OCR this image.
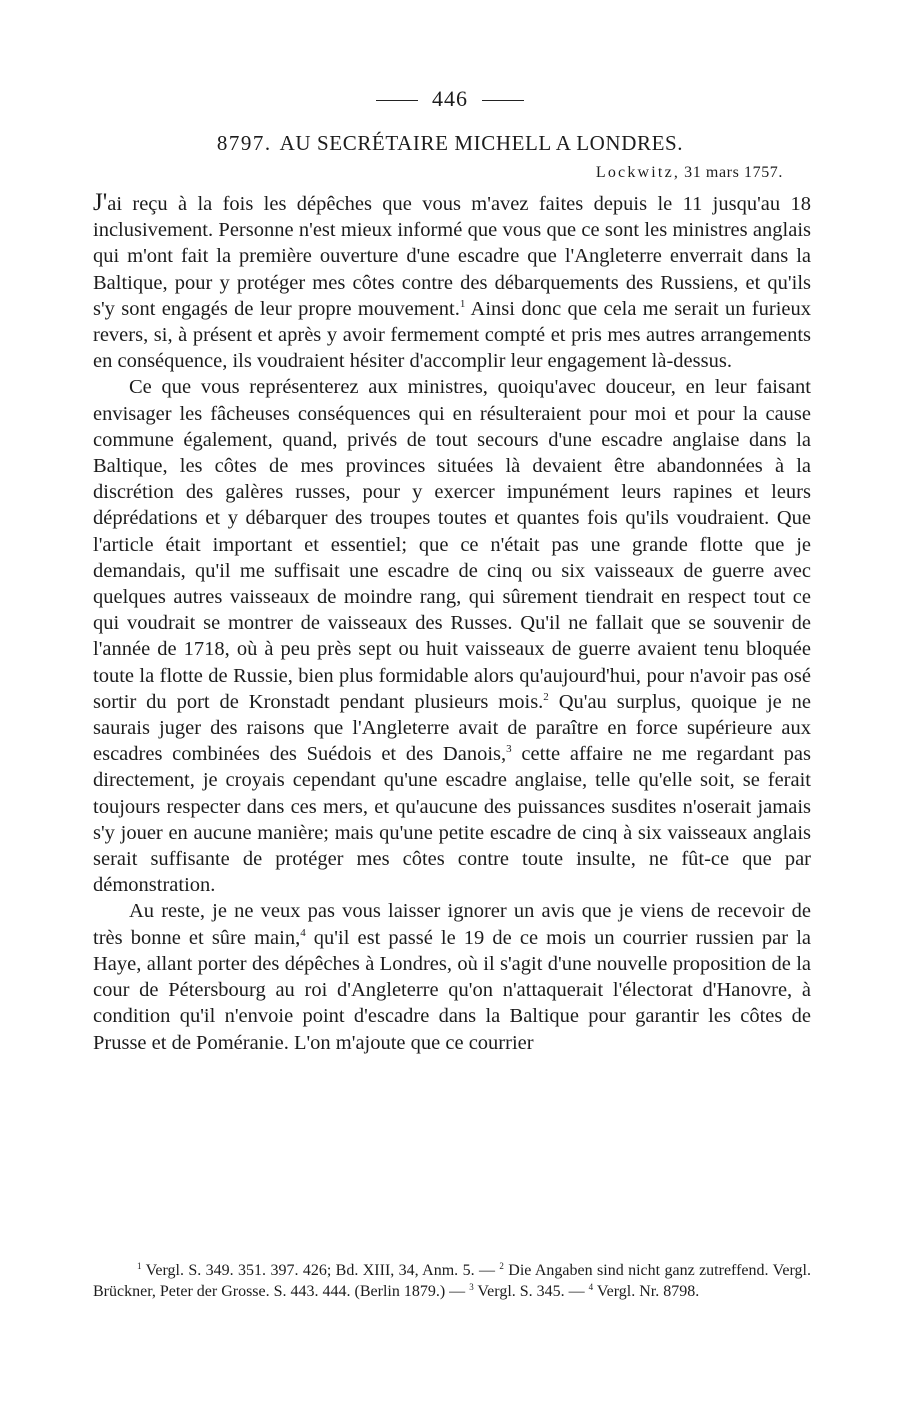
446
8797. AU SECRÉTAIRE MICHELL A LONDRES.
Lockwitz, 31 mars 1757.

J'ai reçu à la fois les dépêches que vous m'avez faites depuis le 11 jusqu'au 18 inclusivement. Personne n'est mieux informé que vous que ce sont les ministres anglais qui m'ont fait la première ouverture d'une escadre que l'Angleterre enverrait dans la Baltique, pour y protéger mes côtes contre des débarquements des Russiens, et qu'ils s'y sont engagés de leur propre mouvement.$^1$ Ainsi donc que cela me serait un furieux revers, si, à présent et après y avoir fermement compté et pris mes autres arrangements en conséquence, ils voudraient hésiter d'accomplir leur engagement là-dessus.

Ce que vous représenterez aux ministres, quoiqu'avec douceur, en leur faisant envisager les fâcheuses conséquences qui en résulteraient pour moi et pour la cause commune également, quand, privés de tout secours d'une escadre anglaise dans la Baltique, les côtes de mes provinces situées là devaient être abandonnées à la discrétion des galères russes, pour y exercer impunément leurs rapines et leurs déprédations et y débarquer des troupes toutes et quantes fois qu'ils voudraient. Que l'article était important et essentiel; que ce n'était pas une grande flotte que je demandais, qu'il me suffisait une escadre de cinq ou six vaisseaux de guerre avec quelques autres vaisseaux de moindre rang, qui sûrement tiendrait en respect tout ce qui voudrait se montrer de vaisseaux des Russes. Qu'il ne fallait que se souvenir de l'année de 1718, où à peu près sept ou huit vaisseaux de guerre avaient tenu bloquée toute la flotte de Russie, bien plus formidable alors qu'aujourd'hui, pour n'avoir pas osé sortir du port de Kronstadt pendant plusieurs mois.$^2$ Qu'au surplus, quoique je ne saurais juger des raisons que l'Angleterre avait de paraître en force supérieure aux escadres combinées des Suédois et des Danois,$^3$ cette affaire ne me regardant pas directement, je croyais cependant qu'une escadre anglaise, telle qu'elle soit, se ferait toujours respecter dans ces mers, et qu'aucune des puissances susdites n'oserait jamais s'y jouer en aucune manière; mais qu'une petite escadre de cinq à six vaisseaux anglais serait suffisante de protéger mes côtes contre toute insulte, ne fût-ce que par démonstration.

Au reste, je ne veux pas vous laisser ignorer un avis que je viens de recevoir de très bonne et sûre main,$^4$ qu'il est passé le 19 de ce mois un courrier russien par la Haye, allant porter des dépêches à Londres, où il s'agit d'une nouvelle proposition de la cour de Pétersbourg au roi d'Angleterre qu'on n'attaquerait l'électorat d'Hanovre, à condition qu'il n'envoie point d'escadre dans la Baltique pour garantir les côtes de Prusse et de Poméranie. L'on m'ajoute que ce courrier

$^1$ Vergl. S. 349. 351. 397. 426; Bd. XIII, 34, Anm. 5. — $^2$ Die Angaben sind nicht ganz zutreffend. Vergl. Brückner, Peter der Grosse. S. 443. 444. (Berlin 1879.) — $^3$ Vergl. S. 345. — $^4$ Vergl. Nr. 8798.
